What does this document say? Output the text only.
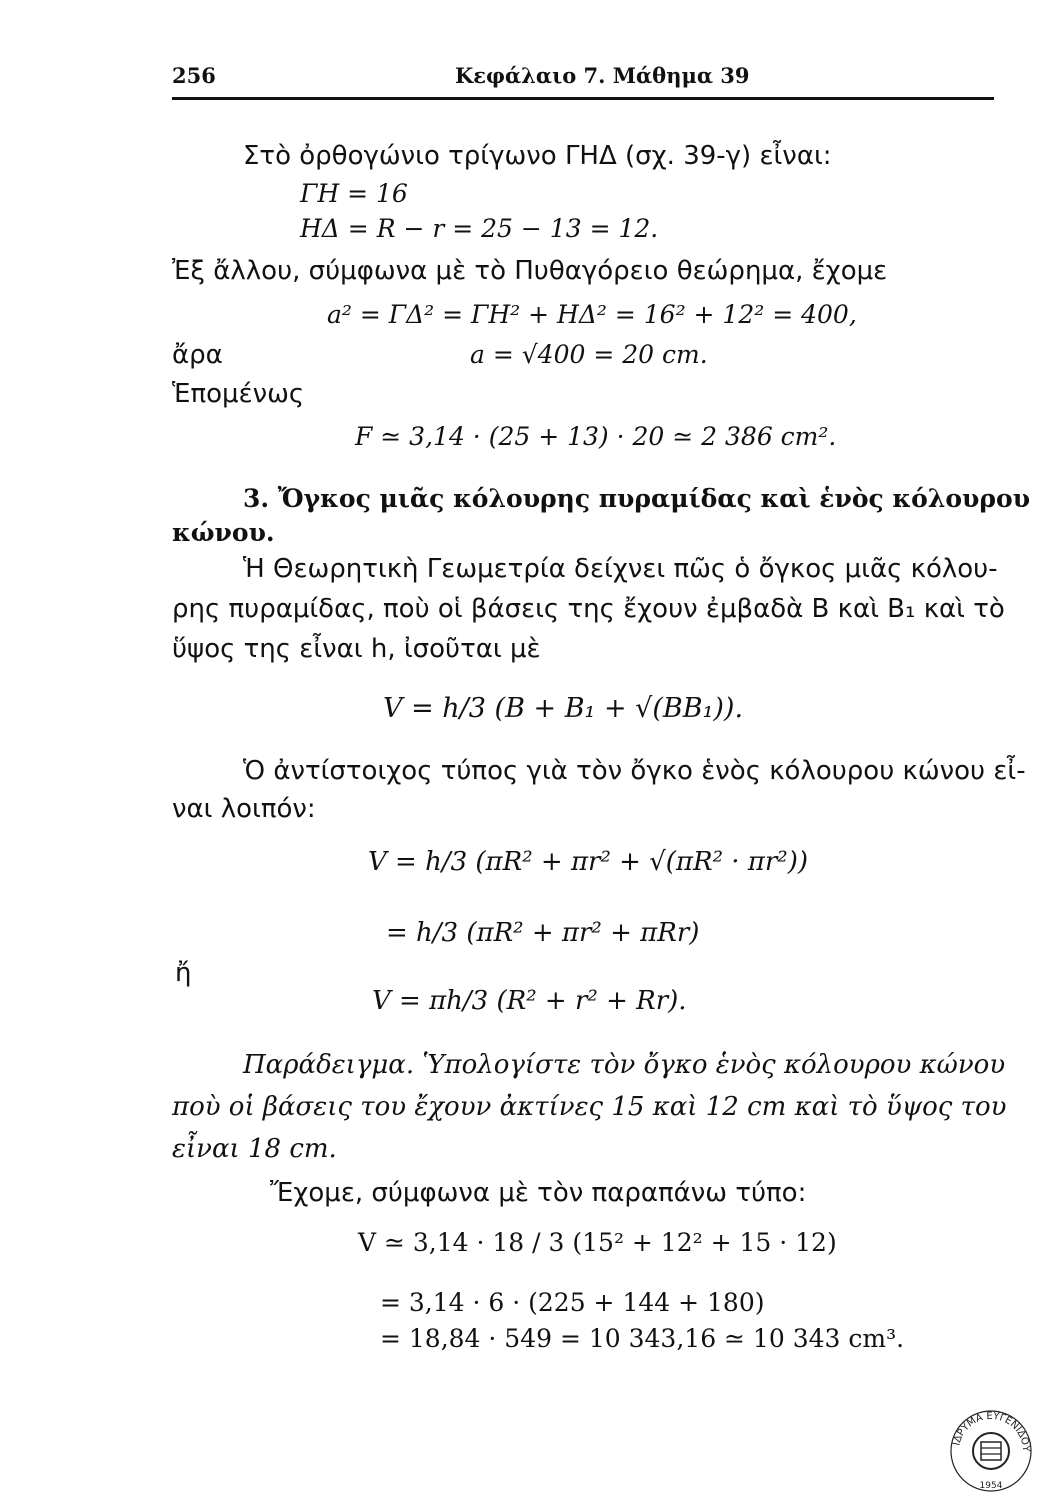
256	Κεφάλαιο 7. Μάθημα 39
Στὸ ὀρθογώνιο τρίγωνο ΓΗΔ (σχ. 39-γ) εἶναι:
ΓΗ = 16
ΗΔ = R − r = 25 − 13 = 12.
Ἐξ ἄλλου, σύμφωνα μὲ τὸ Πυθαγόρειο θεώρημα, ἔχομε
a² = ΓΔ² = ΓΗ² + ΗΔ² = 16² + 12² = 400,
ἄρα	a = √400 = 20 cm.
Ἑπομένως
F ≃ 3,14 · (25 + 13) · 20 ≃ 2 386 cm².
3. Ὄγκος μιᾶς κόλουρης πυραμίδας καὶ ἑνὸς κόλουρου
κώνου.
Ἡ Θεωρητικὴ Γεωμετρία δείχνει πῶς ὁ ὄγκος μιᾶς κόλου-
ρης πυραμίδας, ποὺ οἱ βάσεις της ἔχουν ἐμβαδὰ B καὶ B₁ καὶ τὸ
ὕψος της εἶναι h, ἰσοῦται μὲ
V = h/3 (B + B₁ + √(BB₁)).
Ὁ ἀντίστοιχος τύπος γιὰ τὸν ὄγκο ἑνὸς κόλουρου κώνου εἶ-
ναι λοιπόν:
V = h/3 (πR² + πr² + √(πR² · πr²))
= h/3 (πR² + πr² + πRr)
ἤ
V = πh/3 (R² + r² + Rr).
Παράδειγμα. Ὑπολογίστε τὸν ὄγκο ἑνὸς κόλουρου κώνου
ποὺ οἱ βάσεις του ἔχουν ἀκτίνες 15 καὶ 12 cm καὶ τὸ ὕψος του
εἶναι 18 cm.
Ἔχομε, σύμφωνα μὲ τὸν παραπάνω τύπο:
V ≃ 3,14 · 18 / 3 (15² + 12² + 15 · 12)
= 3,14 · 6 · (225 + 144 + 180)
= 18,84 · 549 = 10 343,16 ≃ 10 343 cm³.
ΙΔΡΥΜΑ ΕΥΓΕΝΙΔΟΥ
1954
